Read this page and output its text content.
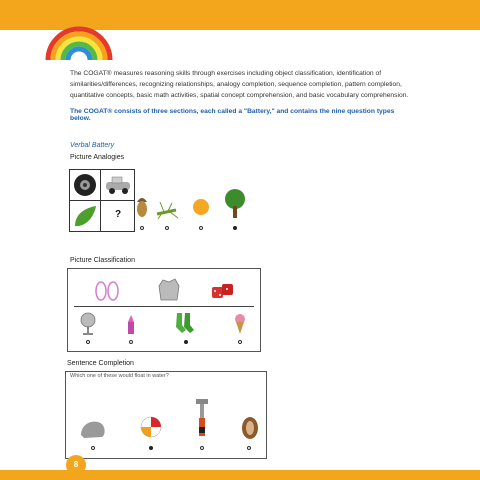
The COGAT® measures reasoning skills through exercises including object classification, identification of similarities/differences, recognizing relationships, analogy completion, sequence completion, pattern completion, quantitative concepts, basic math activities, spatial concept comprehension, and basic vocabulary comprehension.

The COGAT® consists of three sections, each called a "Battery," and contains the nine question types below.

Verbal Battery
Picture Analogies
?
Picture Classification
Sentence Completion
Which one of these would float in water?
8
